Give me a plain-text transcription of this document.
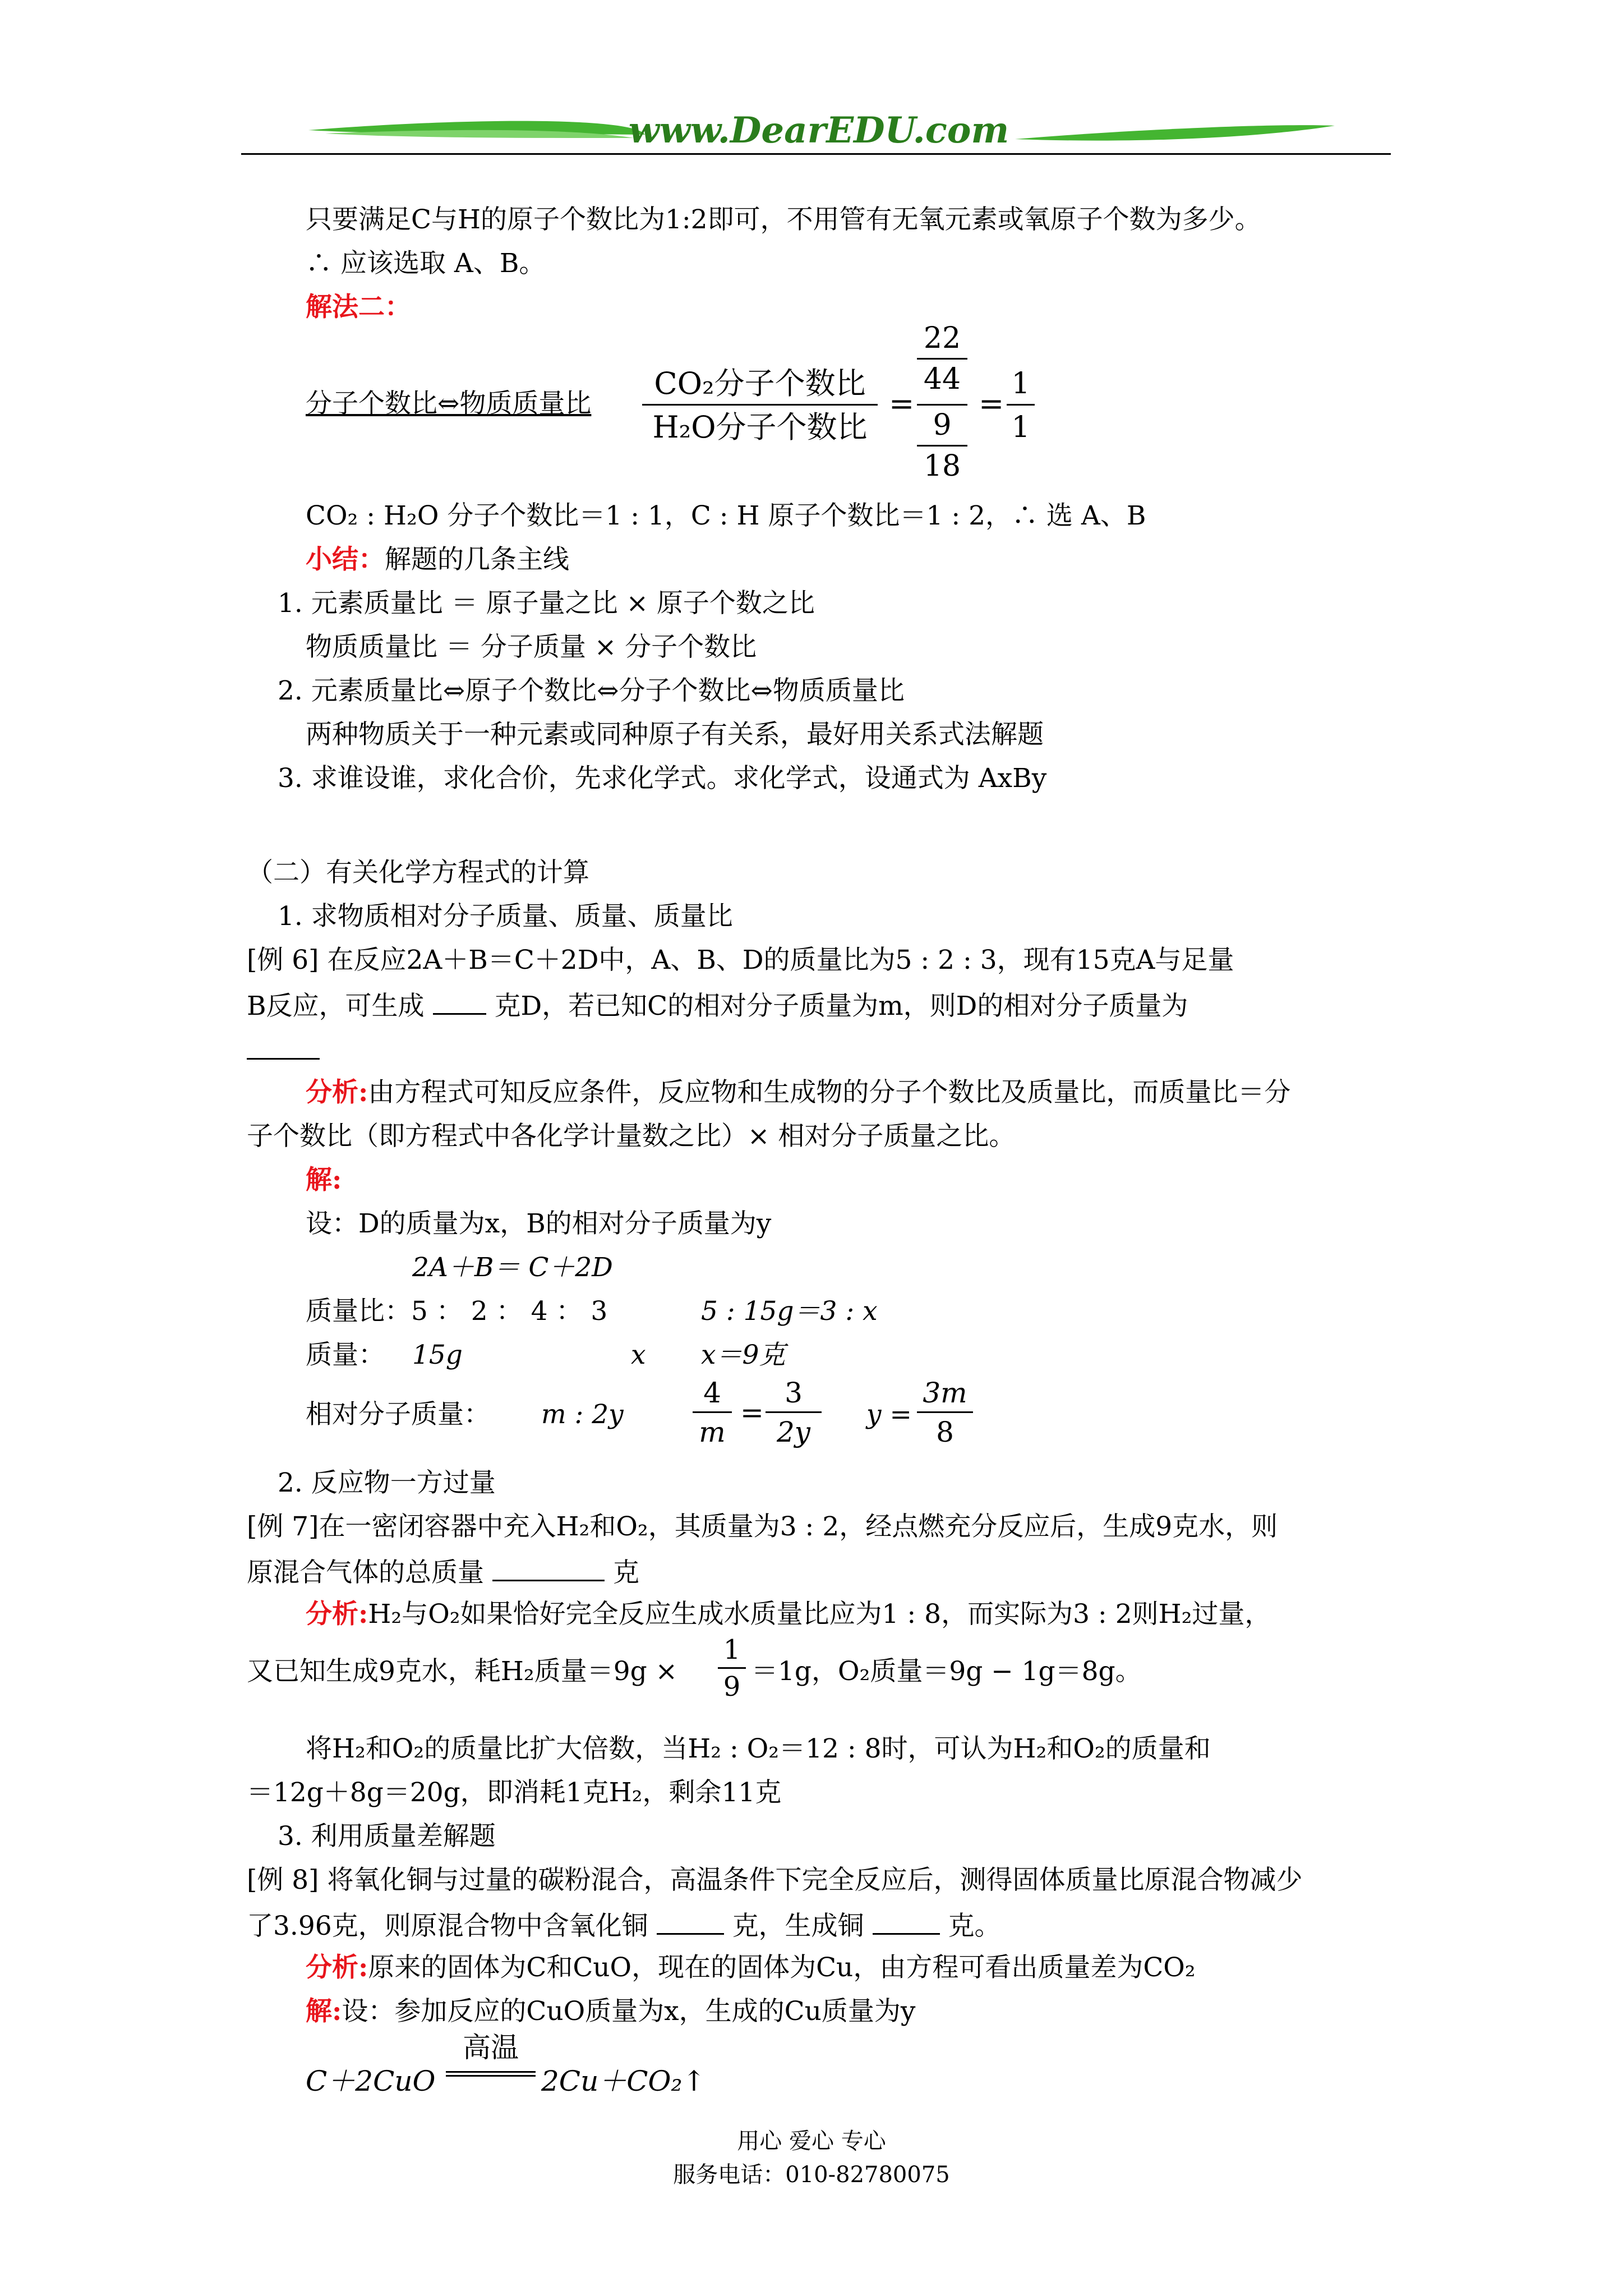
www.DearEDU.com
只要满足C与H的原子个数比为1:2即可，不用管有无氧元素或氧原子个数为多少。
∴ 应该选取 A、B。
解法二：
分子个数比⇔物质质量比
CO₂分子个数比
H₂O分子个数比
=
22
44
9
18
=
1
1
CO₂ : H₂O 分子个数比＝1 : 1，C : H 原子个数比＝1 : 2，∴ 选 A、B
小结：解题的几条主线
1. 元素质量比 ＝ 原子量之比 × 原子个数之比
物质质量比 ＝ 分子质量 × 分子个数比
2. 元素质量比⇔原子个数比⇔分子个数比⇔物质质量比
两种物质关于一种元素或同种原子有关系，最好用关系式法解题
3. 求谁设谁，求化合价，先求化学式。求化学式，设通式为 AxBy
（二）有关化学方程式的计算
1. 求物质相对分子质量、质量、质量比
[例 6] 在反应2A＋B＝C＋2D中，A、B、D的质量比为5 : 2 : 3，现有15克A与足量
B反应，可生成	克D，若已知C的相对分子质量为m，则D的相对分子质量为
分析:由方程式可知反应条件，反应物和生成物的分子个数比及质量比，而质量比＝分
子个数比（即方程式中各化学计量数之比）× 相对分子质量之比。
解:
设：D的质量为x，B的相对分子质量为y
2A＋B＝ C＋2D
质量比：5 ： 2 ： 4 ： 3	5 : 15g＝3 : x
质量： 15g	x x＝9克
相对分子质量： m : 2y
4
m
=
3
2y
y =
3m
8
2. 反应物一方过量
[例 7]在一密闭容器中充入H₂和O₂，其质量为3 : 2，经点燃充分反应后，生成9克水，则
原混合气体的总质量	克
分析:H₂与O₂如果恰好完全反应生成水质量比应为1 : 8，而实际为3 : 2则H₂过量，
又已知生成9克水，耗H₂质量＝9g ×
1
9 ＝1g，O₂质量＝9g − 1g＝8g。
将H₂和O₂的质量比扩大倍数，当H₂ : O₂＝12 : 8时，可认为H₂和O₂的质量和
＝12g＋8g＝20g，即消耗1克H₂，剩余11克
3. 利用质量差解题
[例 8] 将氧化铜与过量的碳粉混合，高温条件下完全反应后，测得固体质量比原混合物减少
了3.96克，则原混合物中含氧化铜	克，生成铜	克。
分析:原来的固体为C和CuO，现在的固体为Cu，由方程可看出质量差为CO₂
解:设：参加反应的CuO质量为x，生成的Cu质量为y
C＋2CuO
高温
2Cu＋CO₂↑
用心 爱心 专心
服务电话：010-82780075
